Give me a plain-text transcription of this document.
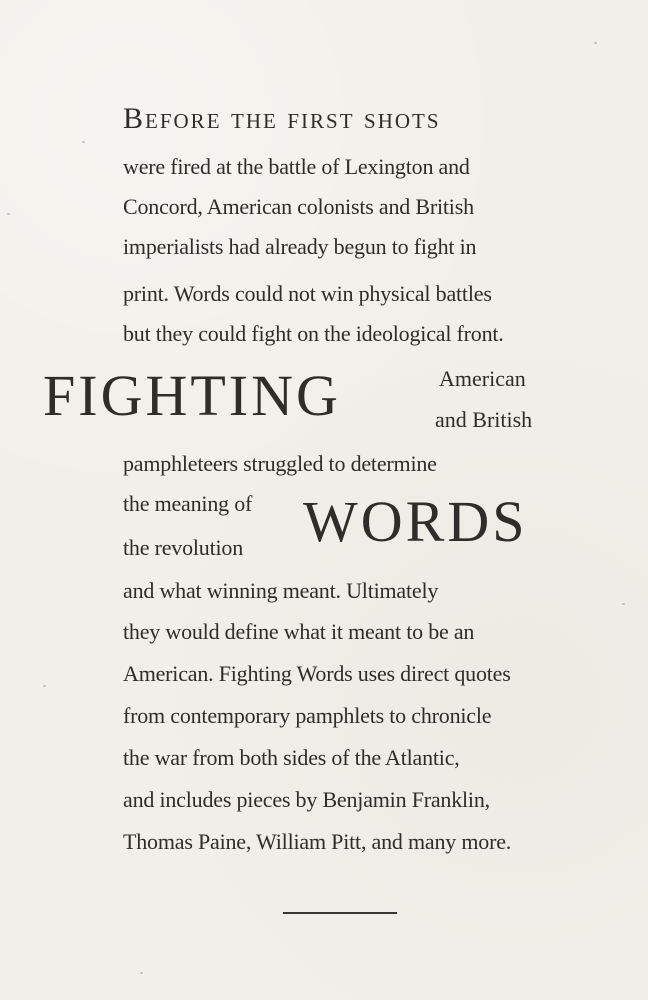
Before the first shots
were fired at the battle of Lexington and
Concord, American colonists and British
imperialists had already begun to fight in
print. Words could not win physical battles
but they could fight on the ideological front.
FIGHTING	American
and British
pamphleteers struggled to determine
the meaning of
the revolution WORDS
and what winning meant. Ultimately
they would define what it meant to be an
American. Fighting Words uses direct quotes
from contemporary pamphlets to chronicle
the war from both sides of the Atlantic,
and includes pieces by Benjamin Franklin,
Thomas Paine, William Pitt, and many more.
